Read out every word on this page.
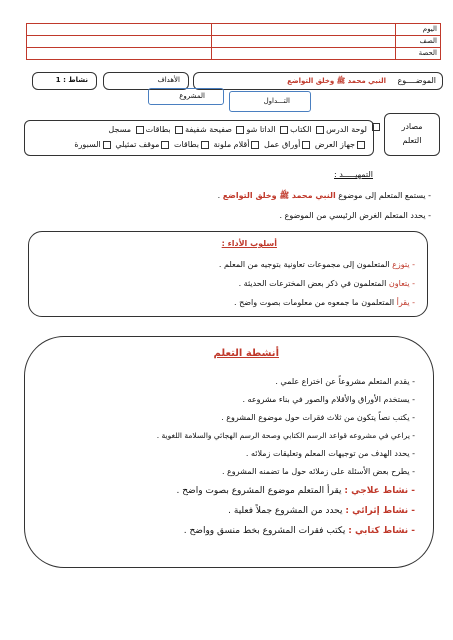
اليوم
الصف
الحصة
الموضــــوع
النبي محمد ﷺ وخلق التواضع
الأهداف
نشاط : 1
التـــداول
المشروع
مصادر التعلم
لوحة الدرس الكتاب الداتا شو صفيحة شفيفة بطاقات مسجل
جهاز العرض أوراق عمل أقلام ملونة بطاقات موقف تمثيلي السبورة
التمهيـــــد :
- يستمع المتعلم إلى موضوع النبي محمد ﷺ وخلق التواضع .
- يحدد المتعلم الغرض الرئيسي من الموضوع .
أسلوب الأداء :
- يتوزع المتعلمون إلى مجموعات تعاونية بتوجيه من المعلم .
- يتعاون المتعلمون في ذكر بعض المخترعات الحديثة .
- يقرأ المتعلمون ما جمعوه من معلومات بصوت واضح .
أنشطة التعلم
- يقدم المتعلم مشروعاً عن اختراع علمي .
- يستخدم الأوراق والأقلام والصور في بناء مشروعه .
- يكتب نصاً يتكون من ثلاث فقرات حول موضوع المشروع .
- يراعي في مشروعه قواعد الرسم الكتابي وصحة الرسم الهجائي والسلامة اللغوية .
- يحدد الهدف من توجيهات المعلم وتعليقات زملائه .
- يطرح بعض الأسئلة على زملائه حول ما تضمنه المشروع .
- نشاط علاجي : يقرأ المتعلم موضوع المشروع بصوت واضح .
- نشاط إثرائي : يحدد من المشروع جملاً فعلية .
- نشاط كتابي : يكتب فقرات المشروع بخط منسق وواضح .
